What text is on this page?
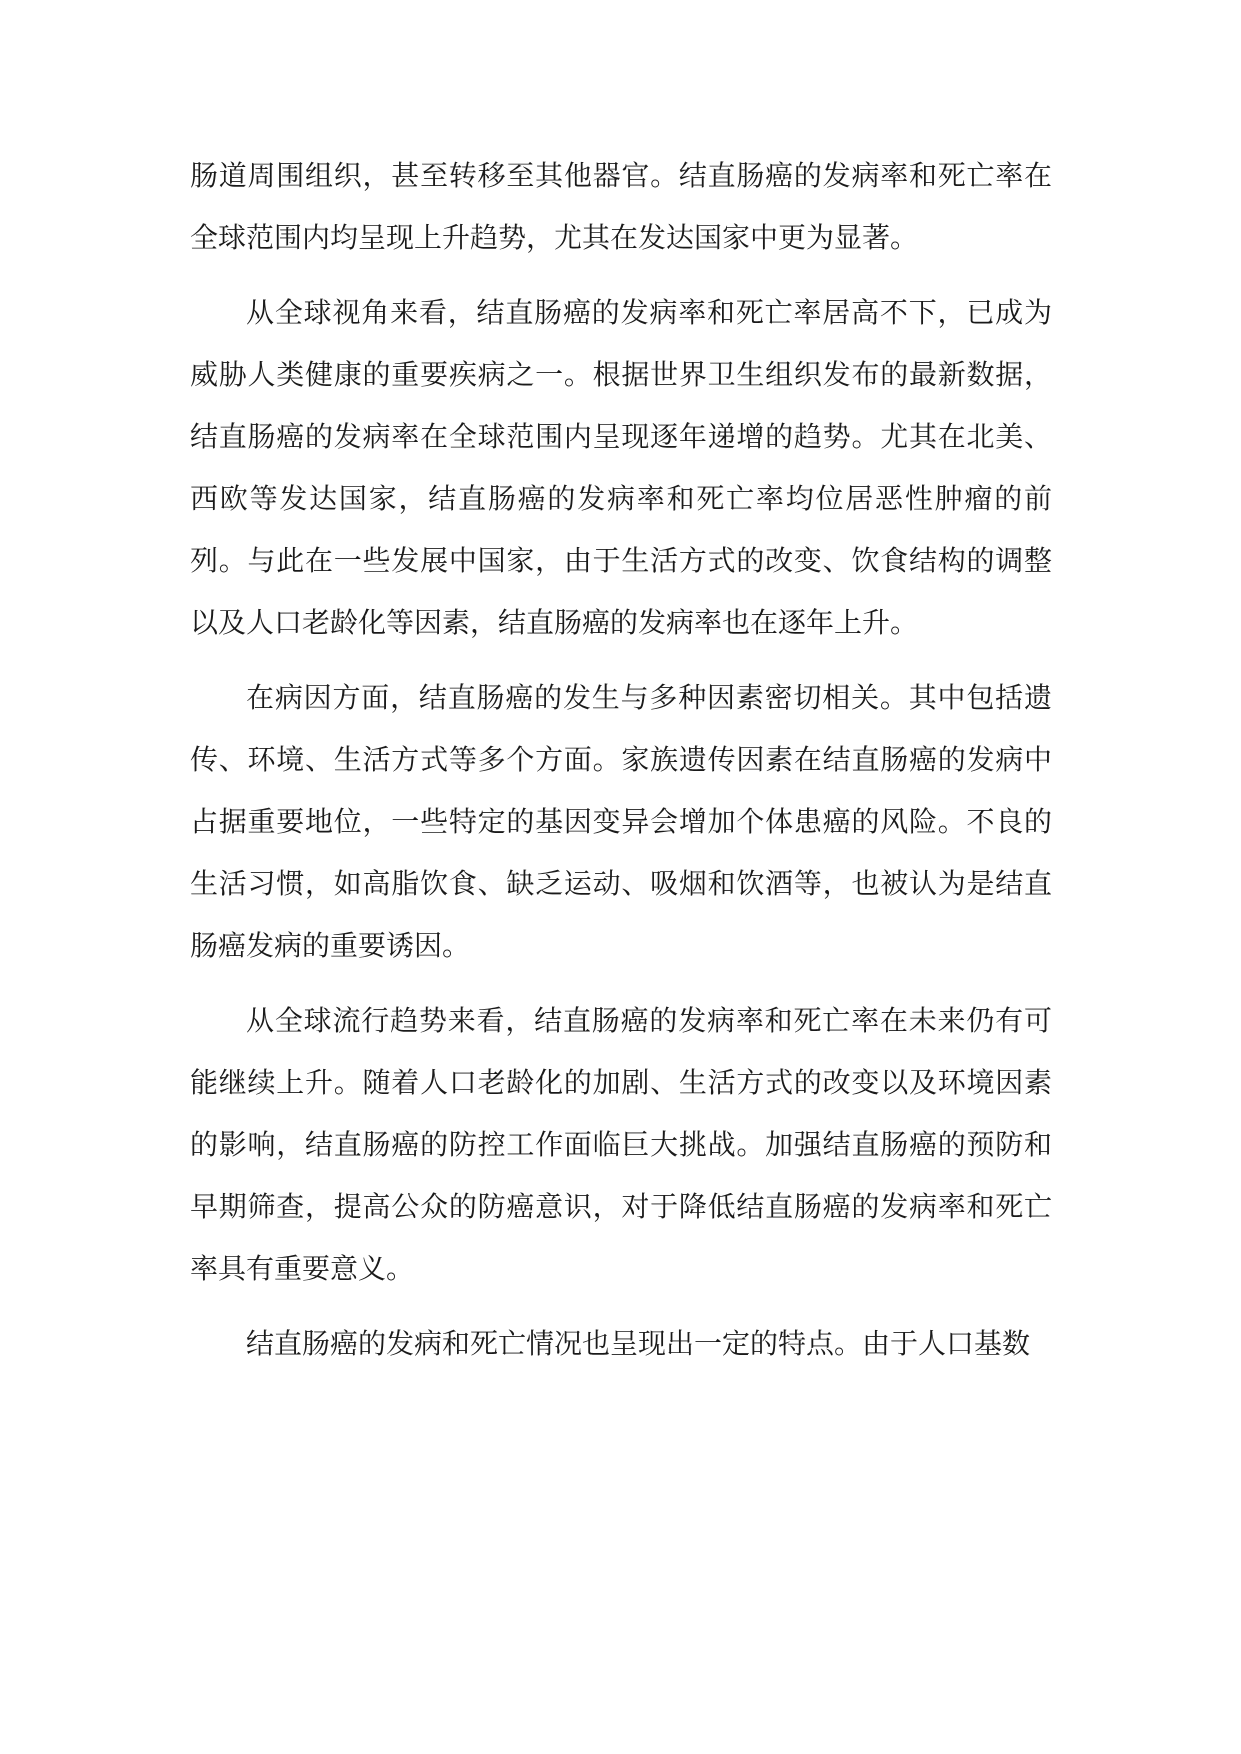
肠道周围组织，甚至转移至其他器官。结直肠癌的发病率和死亡率在全球范围内均呈现上升趋势，尤其在发达国家中更为显著。

从全球视角来看，结直肠癌的发病率和死亡率居高不下，已成为威胁人类健康的重要疾病之一。根据世界卫生组织发布的最新数据，结直肠癌的发病率在全球范围内呈现逐年递增的趋势。尤其在北美、西欧等发达国家，结直肠癌的发病率和死亡率均位居恶性肿瘤的前列。与此在一些发展中国家，由于生活方式的改变、饮食结构的调整以及人口老龄化等因素，结直肠癌的发病率也在逐年上升。

在病因方面，结直肠癌的发生与多种因素密切相关。其中包括遗传、环境、生活方式等多个方面。家族遗传因素在结直肠癌的发病中占据重要地位，一些特定的基因变异会增加个体患癌的风险。不良的生活习惯，如高脂饮食、缺乏运动、吸烟和饮酒等，也被认为是结直肠癌发病的重要诱因。

从全球流行趋势来看，结直肠癌的发病率和死亡率在未来仍有可能继续上升。随着人口老龄化的加剧、生活方式的改变以及环境因素的影响，结直肠癌的防控工作面临巨大挑战。加强结直肠癌的预防和早期筛查，提高公众的防癌意识，对于降低结直肠癌的发病率和死亡率具有重要意义。

结直肠癌的发病和死亡情况也呈现出一定的特点。由于人口基数
